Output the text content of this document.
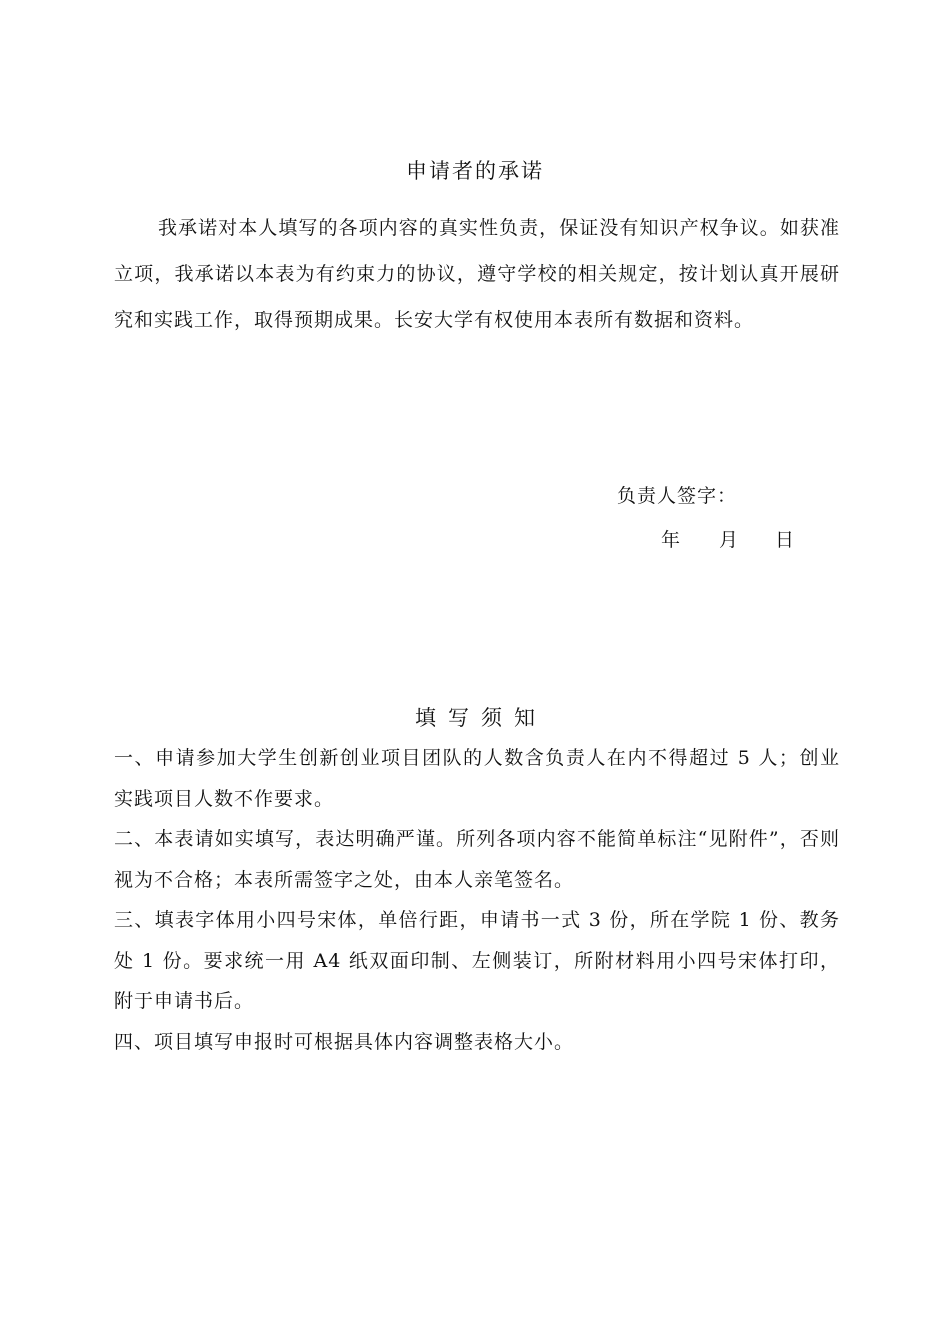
申请者的承诺

我承诺对本人填写的各项内容的真实性负责，保证没有知识产权争议。如获准立项，我承诺以本表为有约束力的协议，遵守学校的相关规定，按计划认真开展研究和实践工作，取得预期成果。长安大学有权使用本表所有数据和资料。

负责人签字：
年 月 日
填写须知

一、申请参加大学生创新创业项目团队的人数含负责人在内不得超过 5 人；创业实践项目人数不作要求。

二、本表请如实填写，表达明确严谨。所列各项内容不能简单标注“见附件”，否则视为不合格；本表所需签字之处，由本人亲笔签名。

三、填表字体用小四号宋体，单倍行距，申请书一式 3 份，所在学院 1 份、教务处 1 份。要求统一用 A4 纸双面印制、左侧装订，所附材料用小四号宋体打印，附于申请书后。

四、项目填写申报时可根据具体内容调整表格大小。
